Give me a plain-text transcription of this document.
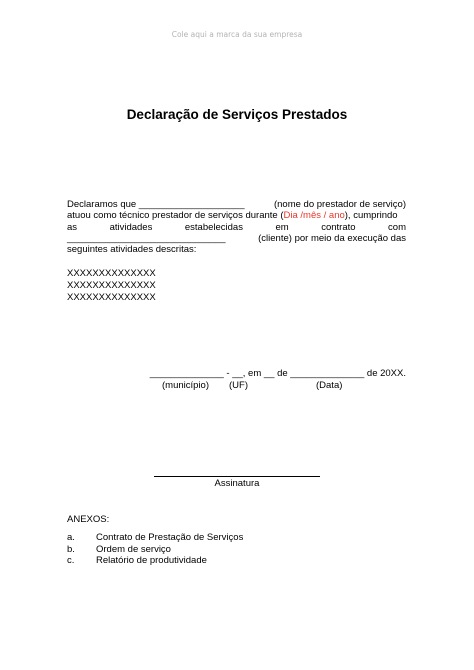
Cole aqui a marca da sua empresa
Declaração de Serviços Prestados
Declaramos que ____________________	(nome do prestador de serviço)
atuou como técnico prestador de serviços durante ( Dia /mês / ano ), cumprindo
as	atividades	estabelecidas	em	contrato	com
______________________________	(cliente) por meio da execução das
seguintes atividades descritas:
XXXXXXXXXXXXXX
XXXXXXXXXXXXXX
XXXXXXXXXXXXXX
______________ - __, em __ de ______________ de 20XX.
(município) (UF)	(Data)
Assinatura
ANEXOS:
a. Contrato de Prestação de Serviços
b. Ordem de serviço
c. Relatório de produtividade
